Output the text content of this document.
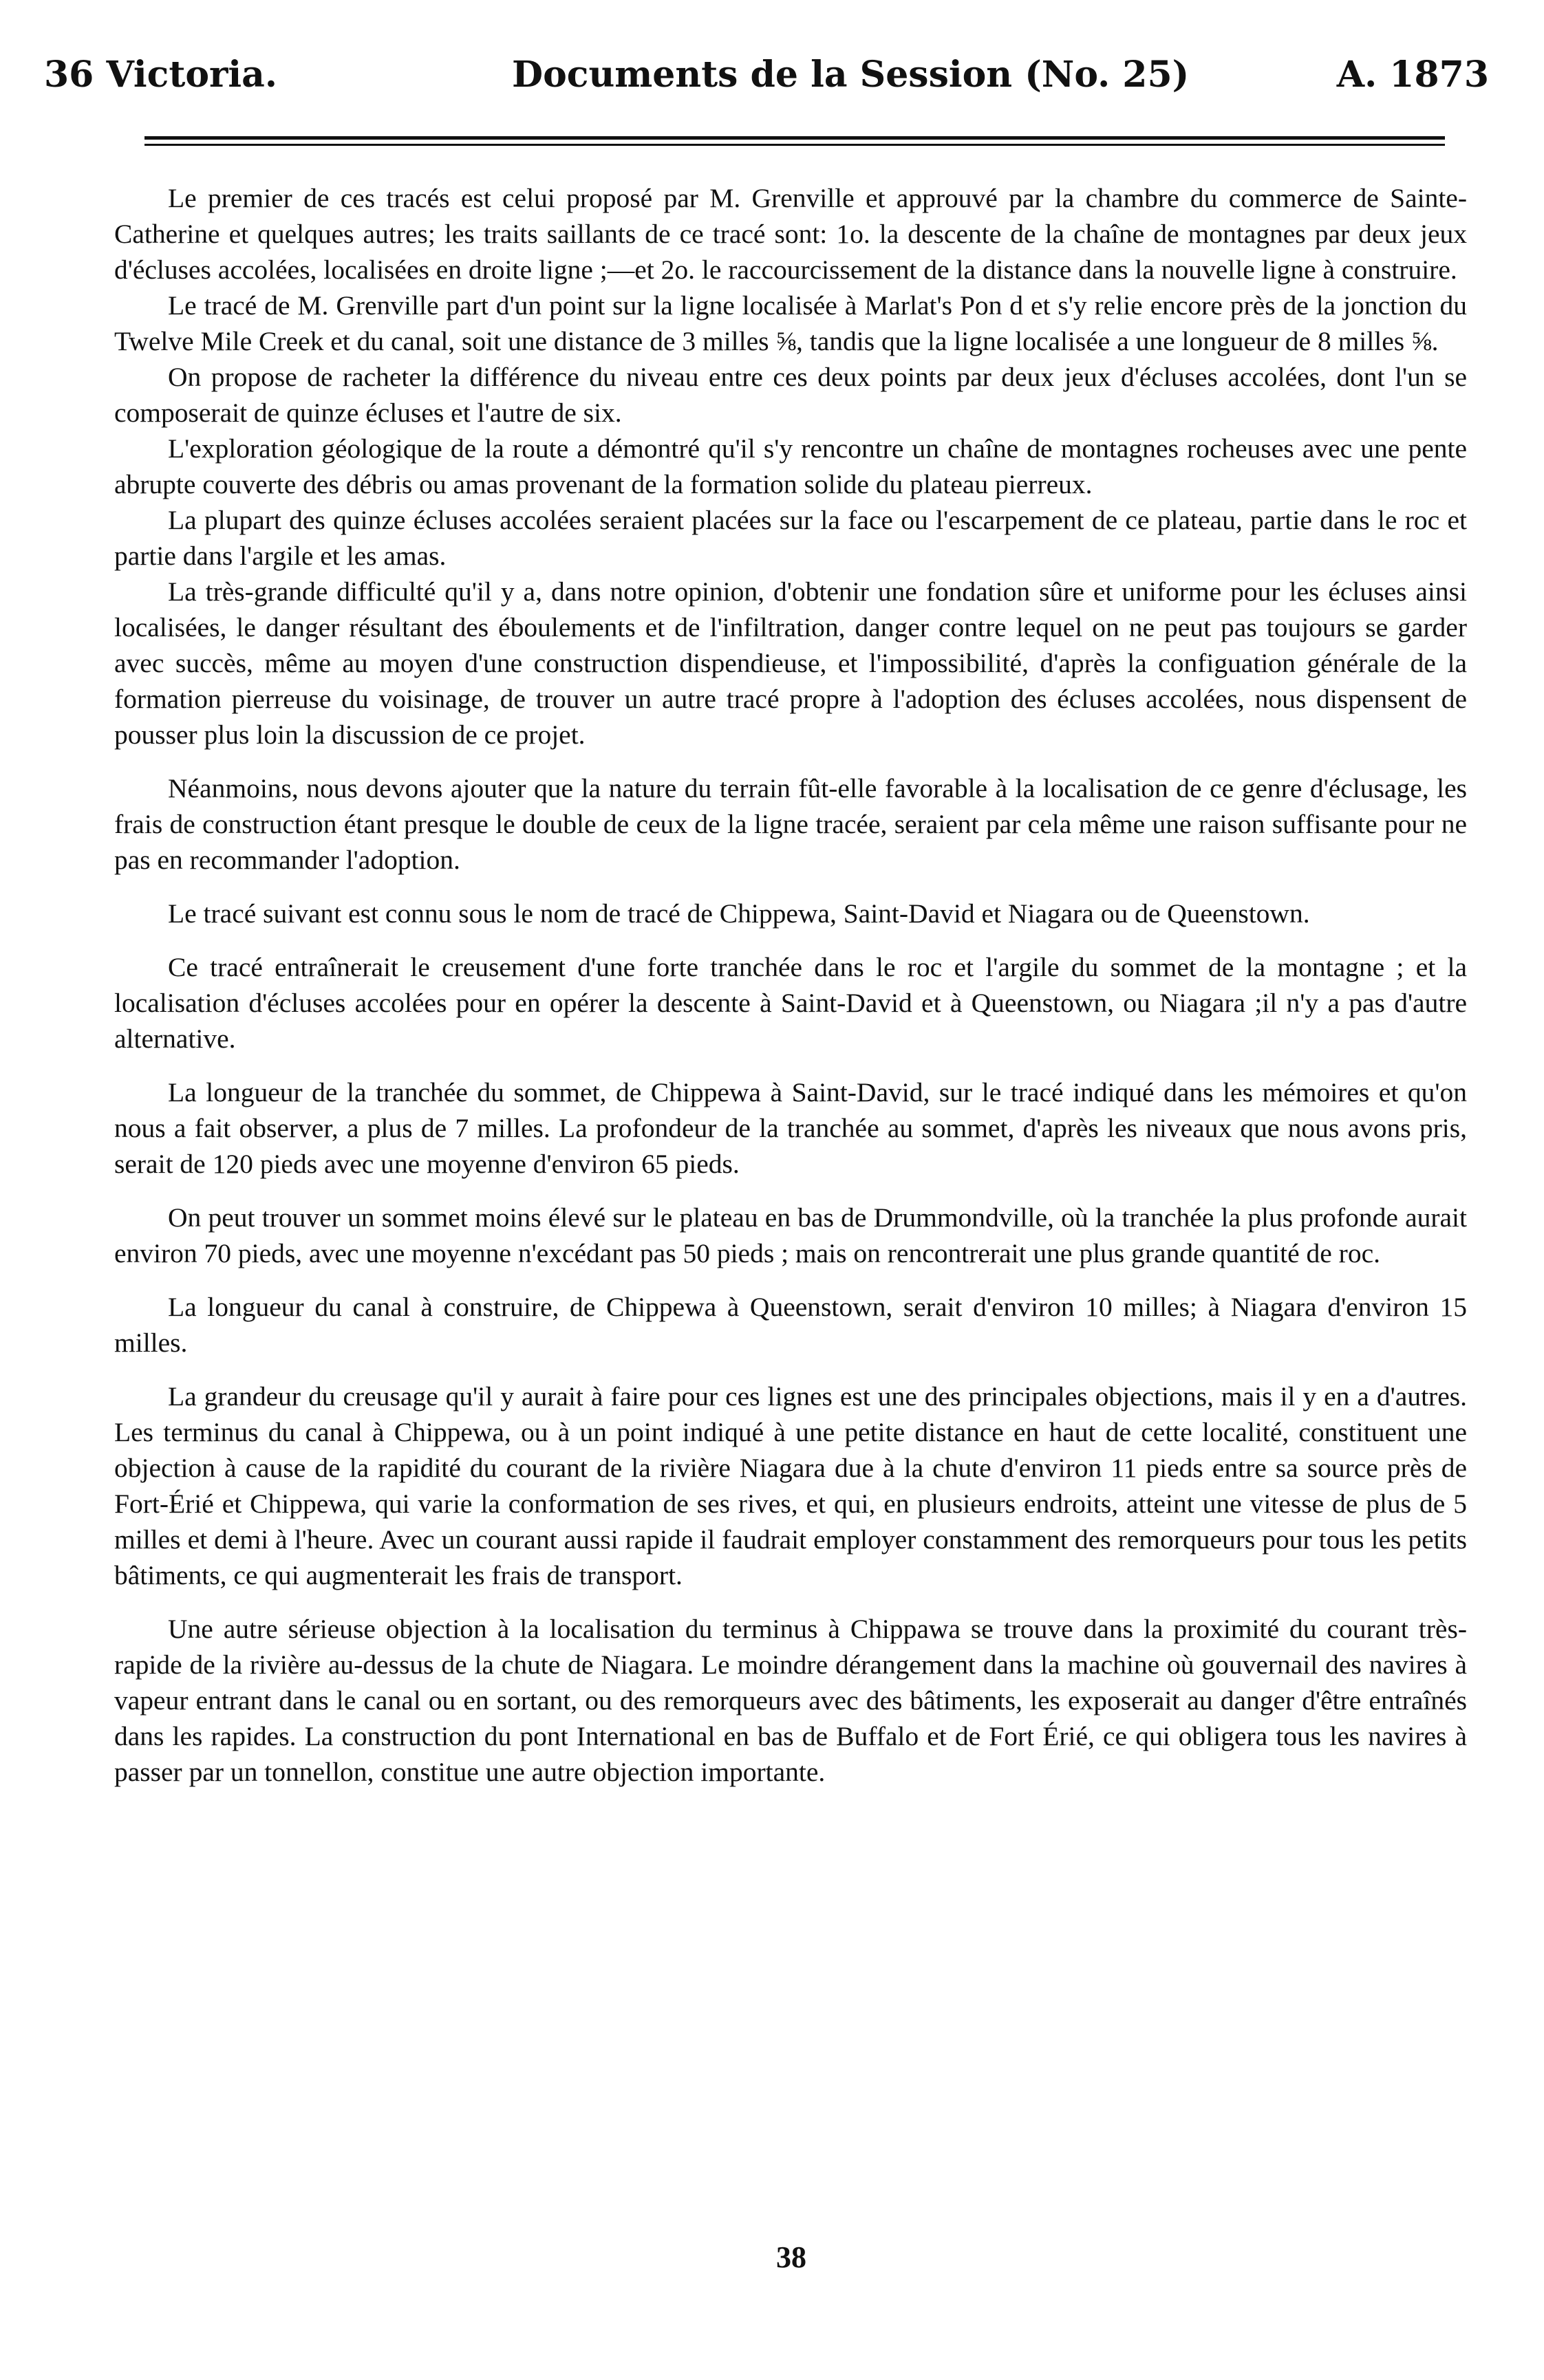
36 Victoria.	Documents de la Session (No. 25)	A. 1873

Le premier de ces tracés est celui proposé par M. Grenville et approuvé par la chambre du commerce de Sainte-Catherine et quelques autres; les traits saillants de ce tracé sont: 1o. la descente de la chaîne de montagnes par deux jeux d'écluses accolées, localisées en droite ligne ;—et 2o. le raccourcissement de la distance dans la nouvelle ligne à construire.

Le tracé de M. Grenville part d'un point sur la ligne localisée à Marlat's Pon d et s'y relie encore près de la jonction du Twelve Mile Creek et du canal, soit une distance de 3 milles ⅝, tandis que la ligne localisée a une longueur de 8 milles ⅝.

On propose de racheter la différence du niveau entre ces deux points par deux jeux d'écluses accolées, dont l'un se composerait de quinze écluses et l'autre de six.

L'exploration géologique de la route a démontré qu'il s'y rencontre un chaîne de montagnes rocheuses avec une pente abrupte couverte des débris ou amas provenant de la formation solide du plateau pierreux.

La plupart des quinze écluses accolées seraient placées sur la face ou l'escarpement de ce plateau, partie dans le roc et partie dans l'argile et les amas.

La très-grande difficulté qu'il y a, dans notre opinion, d'obtenir une fondation sûre et uniforme pour les écluses ainsi localisées, le danger résultant des éboulements et de l'infiltration, danger contre lequel on ne peut pas toujours se garder avec succès, même au moyen d'une construction dispendieuse, et l'impossibilité, d'après la configuation générale de la formation pierreuse du voisinage, de trouver un autre tracé propre à l'adoption des écluses accolées, nous dispensent de pousser plus loin la discussion de ce projet.

Néanmoins, nous devons ajouter que la nature du terrain fût-elle favorable à la localisation de ce genre d'éclusage, les frais de construction étant presque le double de ceux de la ligne tracée, seraient par cela même une raison suffisante pour ne pas en recommander l'adoption.

Le tracé suivant est connu sous le nom de tracé de Chippewa, Saint-David et Niagara ou de Queenstown.

Ce tracé entraînerait le creusement d'une forte tranchée dans le roc et l'argile du sommet de la montagne ; et la localisation d'écluses accolées pour en opérer la descente à Saint-David et à Queenstown, ou Niagara ;il n'y a pas d'autre alternative.

La longueur de la tranchée du sommet, de Chippewa à Saint-David, sur le tracé indiqué dans les mémoires et qu'on nous a fait observer, a plus de 7 milles. La profondeur de la tranchée au sommet, d'après les niveaux que nous avons pris, serait de 120 pieds avec une moyenne d'environ 65 pieds.

On peut trouver un sommet moins élevé sur le plateau en bas de Drummondville, où la tranchée la plus profonde aurait environ 70 pieds, avec une moyenne n'excédant pas 50 pieds ; mais on rencontrerait une plus grande quantité de roc.

La longueur du canal à construire, de Chippewa à Queenstown, serait d'environ 10 milles; à Niagara d'environ 15 milles.

La grandeur du creusage qu'il y aurait à faire pour ces lignes est une des principales objections, mais il y en a d'autres. Les terminus du canal à Chippewa, ou à un point indiqué à une petite distance en haut de cette localité, constituent une objection à cause de la rapidité du courant de la rivière Niagara due à la chute d'environ 11 pieds entre sa source près de Fort-Érié et Chippewa, qui varie la conformation de ses rives, et qui, en plusieurs endroits, atteint une vitesse de plus de 5 milles et demi à l'heure. Avec un courant aussi rapide il faudrait employer constamment des remorqueurs pour tous les petits bâtiments, ce qui augmenterait les frais de transport.

Une autre sérieuse objection à la localisation du terminus à Chippawa se trouve dans la proximité du courant très-rapide de la rivière au-dessus de la chute de Niagara. Le moindre dérangement dans la machine où gouvernail des navires à vapeur entrant dans le canal ou en sortant, ou des remorqueurs avec des bâtiments, les exposerait au danger d'être entraînés dans les rapides. La construction du pont International en bas de Buffalo et de Fort Érié, ce qui obligera tous les navires à passer par un tonnellon, constitue une autre objection importante.

38
